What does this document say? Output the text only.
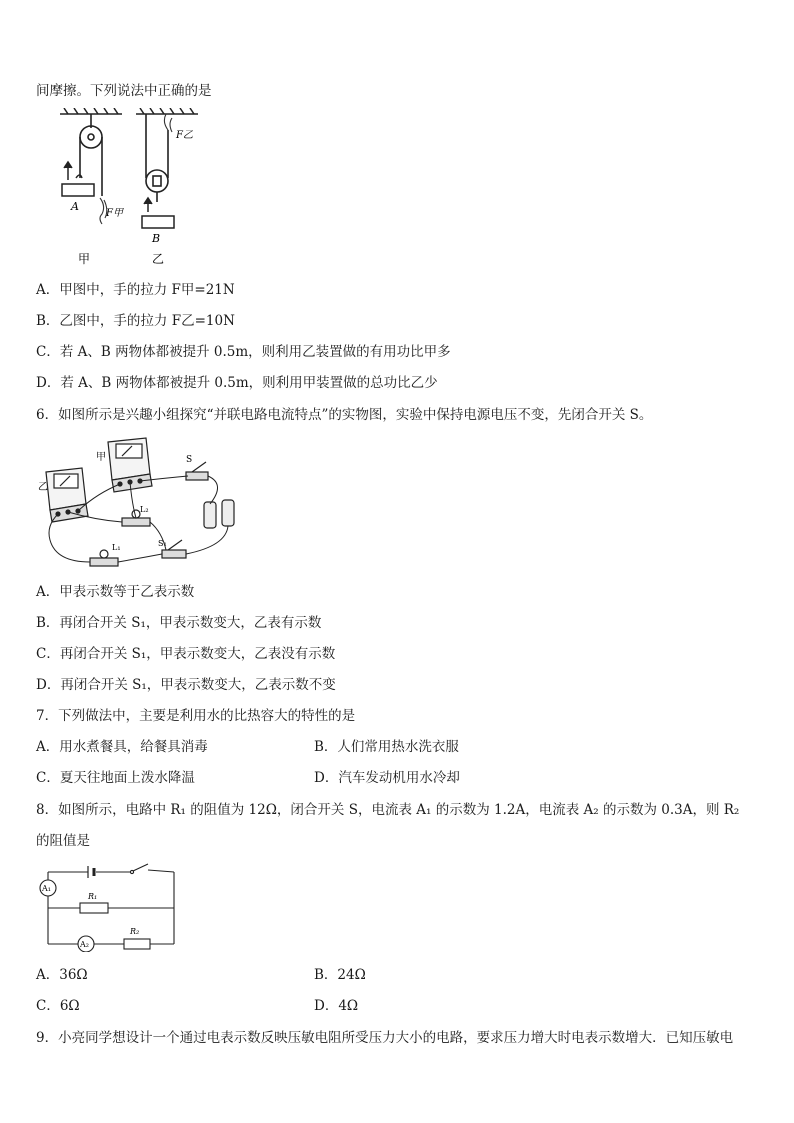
间摩擦。下列说法中正确的是
A
F甲
F乙
B
甲	乙
A．甲图中，手的拉力 F甲=21N
B．乙图中，手的拉力 F乙=10N
C．若 A、B 两物体都被提升 0.5m，则利用乙装置做的有用功比甲多
D．若 A、B 两物体都被提升 0.5m，则利用甲装置做的总功比乙少
6．如图所示是兴趣小组探究“并联电路电流特点”的实物图，实验中保持电源电压不变，先闭合开关 S。
甲
乙
S
L₂
L₁	S₁
A．甲表示数等于乙表示数
B．再闭合开关 S₁，甲表示数变大，乙表有示数
C．再闭合开关 S₁，甲表示数变大，乙表没有示数
D．再闭合开关 S₁，甲表示数变大，乙表示数不变
7．下列做法中，主要是利用水的比热容大的特性的是
A．用水煮餐具，给餐具消毒	B．人们常用热水洗衣服
C．夏天往地面上泼水降温	D．汽车发动机用水冷却
8．如图所示，电路中 R₁ 的阻值为 12Ω，闭合开关 S，电流表 A₁ 的示数为 1.2A，电流表 A₂ 的示数为 0.3A，则 R₂
的阻值是
A₁
R₁
A₂
R₂
A．36Ω	B．24Ω
C．6Ω	D．4Ω
9．小亮同学想设计一个通过电表示数反映压敏电阻所受压力大小的电路，要求压力增大时电表示数增大．已知压敏电
